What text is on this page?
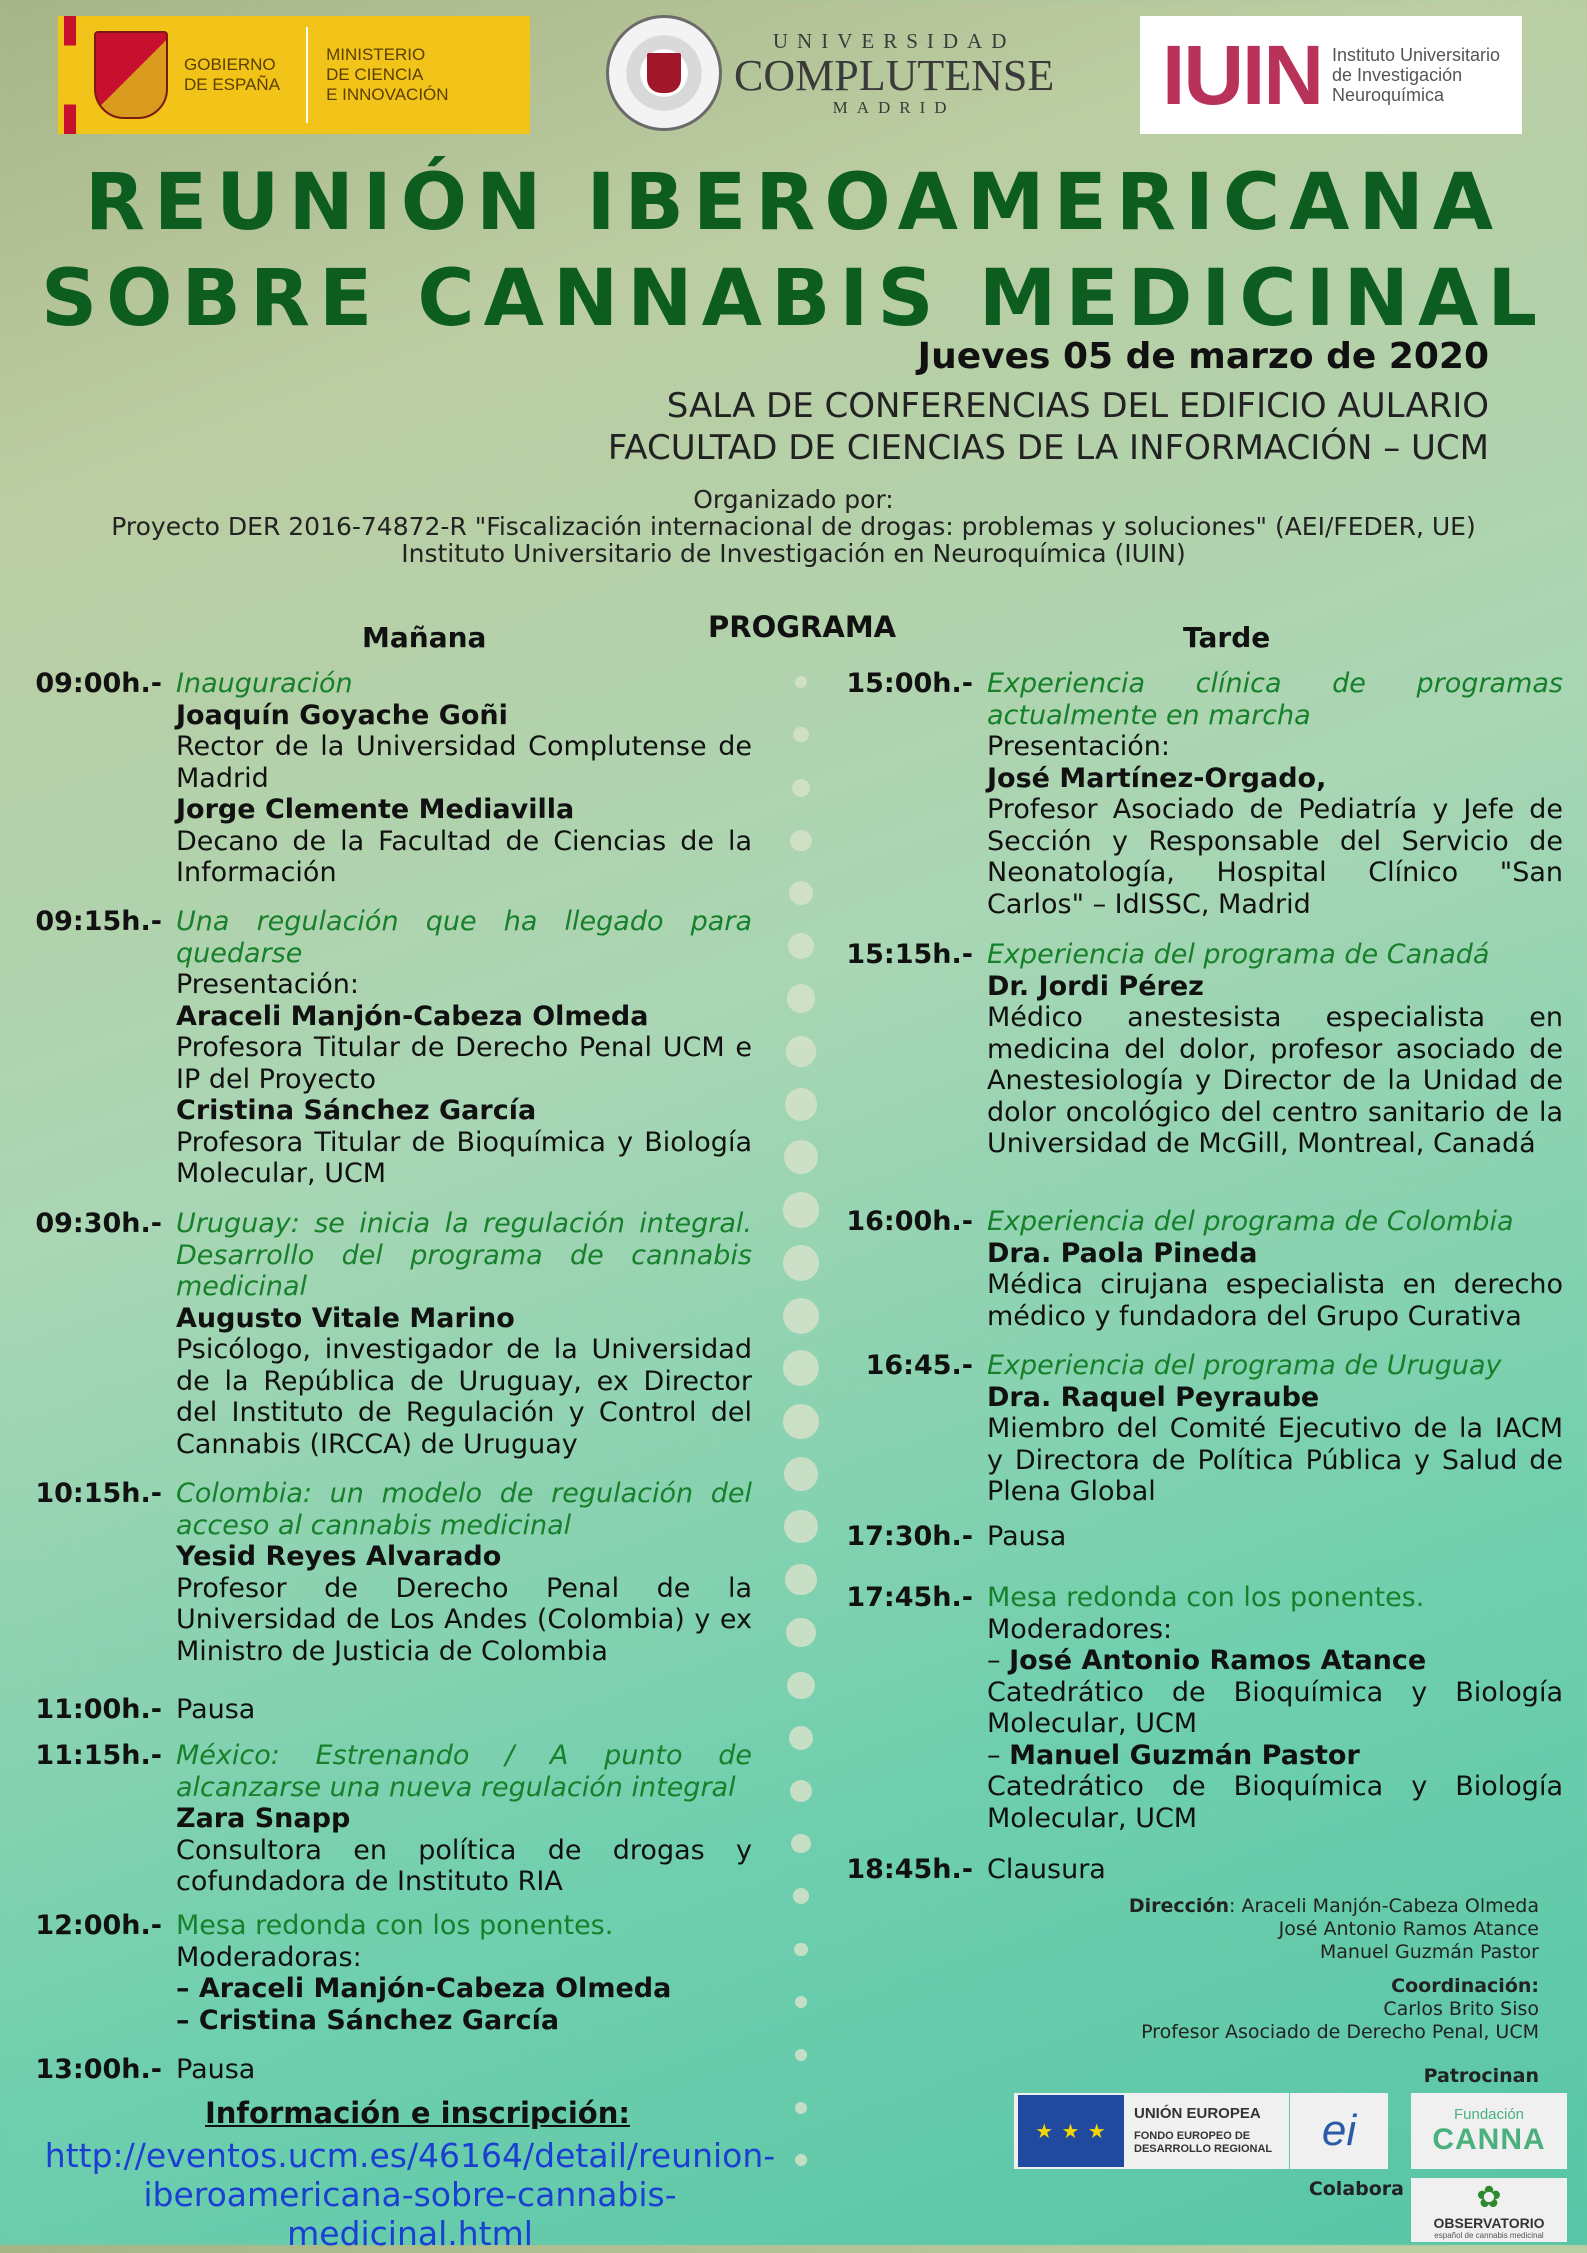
GOBIERNO
DE ESPAÑA
MINISTERIO
DE CIENCIA
E INNOVACIÓN
UNIVERSIDAD
COMPLUTENSE
MADRID	IUIN Instituto Universitario
de Investigación
Neuroquímica
REUNIÓN IBEROAMERICANA
SOBRE CANNABIS MEDICINAL
Jueves 05 de marzo de 2020
SALA DE CONFERENCIAS DEL EDIFICIO AULARIO
FACULTAD DE CIENCIAS DE LA INFORMACIÓN – UCM
Organizado por:
Proyecto DER 2016-74872-R "Fiscalización internacional de drogas: problemas y soluciones" (AEI/FEDER, UE)
Instituto Universitario de Investigación en Neuroquímica (IUIN)
PROGRAMA
Mañana	Tarde
09:00h.- Inauguración
Joaquín Goyache Goñi
Rector de la Universidad Complutense de Madrid
Jorge Clemente Mediavilla
Decano de la Facultad de Ciencias de la Información
09:15h.- Una regulación que ha llegado para quedarse
Presentación:
Araceli Manjón-Cabeza Olmeda
Profesora Titular de Derecho Penal UCM e IP del Proyecto
Cristina Sánchez García
Profesora Titular de Bioquímica y Biología Molecular, UCM
09:30h.- Uruguay: se inicia la regulación integral. Desarrollo del programa de cannabis medicinal
Augusto Vitale Marino
Psicólogo, investigador de la Universidad de la República de Uruguay, ex Director del Instituto de Regulación y Control del Cannabis (IRCCA) de Uruguay
10:15h.- Colombia: un modelo de regulación del acceso al cannabis medicinal
Yesid Reyes Alvarado
Profesor de Derecho Penal de la Universidad de Los Andes (Colombia) y ex Ministro de Justicia de Colombia
11:00h.- Pausa
11:15h.- México: Estrenando / A punto de alcanzarse una nueva regulación integral
Zara Snapp
Consultora en política de drogas y cofundadora de Instituto RIA
12:00h.- Mesa redonda con los ponentes.
Moderadoras:
– Araceli Manjón-Cabeza Olmeda
– Cristina Sánchez García
13:00h.- Pausa
15:00h.- Experiencia clínica de programas actualmente en marcha
Presentación:
José Martínez-Orgado,
Profesor Asociado de Pediatría y Jefe de Sección y Responsable del Servicio de Neonatología, Hospital Clínico "San Carlos" – IdISSC, Madrid
15:15h.- Experiencia del programa de Canadá
Dr. Jordi Pérez
Médico anestesista especialista en medicina del dolor, profesor asociado de Anestesiología y Director de la Unidad de dolor oncológico del centro sanitario de la Universidad de McGill, Montreal, Canadá
16:00h.- Experiencia del programa de Colombia
Dra. Paola Pineda
Médica cirujana especialista en derecho médico y fundadora del Grupo Curativa
16:45.- Experiencia del programa de Uruguay
Dra. Raquel Peyraube
Miembro del Comité Ejecutivo de la IACM y Directora de Política Pública y Salud de Plena Global
17:30h.- Pausa
17:45h.- Mesa redonda con los ponentes.
Moderadores:
– José Antonio Ramos Atance
Catedrático de Bioquímica y Biología Molecular, UCM
– Manuel Guzmán Pastor
Catedrático de Bioquímica y Biología Molecular, UCM
18:45h.- Clausura
Dirección: Araceli Manjón-Cabeza Olmeda
José Antonio Ramos Atance
Manuel Guzmán Pastor
Coordinación:
Carlos Brito Siso
Profesor Asociado de Derecho Penal, UCM
Patrocinan
Colabora
Información e inscripción:
http://eventos.ucm.es/46164/detail/reunion-
iberoamericana-sobre-cannabis-medicinal.html
★ ★ ★
UNIÓN EUROPEA
FONDO EUROPEO DE
DESARROLLO REGIONAL ei	Fundación
CANNA
✿
OBSERVATORIO
español de cannabis medicinal
